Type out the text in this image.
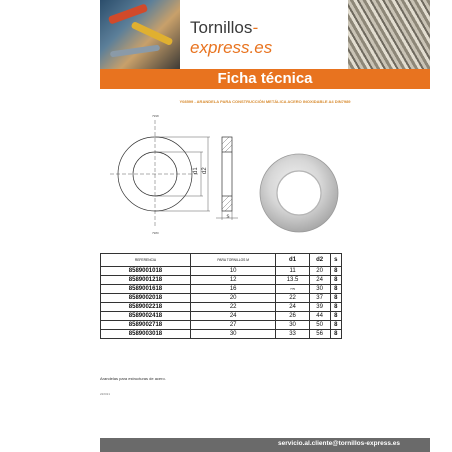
Tornillos-express.es
Ficha técnica
Y08599 - ARANDELA PARA CONSTRUCCIÓN METÁLICA ACERO INOXIDABLE A4 DIN7989
d1 d2
s
7998
7980
REFERENCIA	PARA TORNILLOS M	d1	d2	s
8589001018	10	11	20	8
8589001218	12	13.5	24	8
8589001618	16	??5	30	8
8589002018	20	22	37	8
8589002218	22	24	39	8
8589002418	24	26	44	8
8589002718	27	30	50	8
8589003018	30	33	56	8
Arandelas para estructuras de acero.
22/0/21
servicio.al.cliente@tornillos-express.es
